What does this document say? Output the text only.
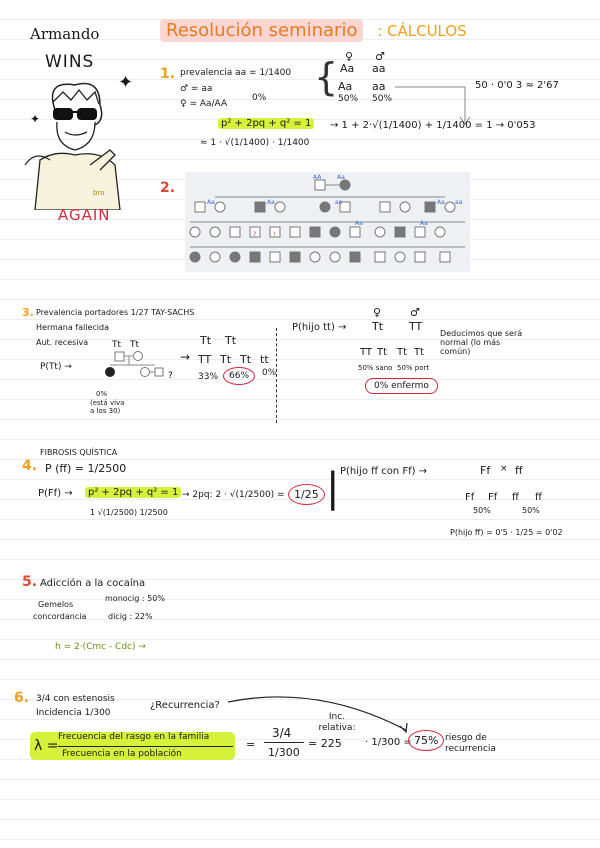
Armando
WINS
bro
✦
✦
AGAIN
Resolución seminario : CÁLCULOS
1. prevalencia aa = 1/1400
♂ = aa
♀ = Aa/AA
0% { ♀ ♂
Aa aa
Aa aa
50% 50%
50 · 0'0 3 ≈ 2'67
p² + 2pq + q² = 1	→ 1 + 2·√(1/1400) + 1/1400 = 1 → 0'053
≈ 1 · √(1/1400) · 1/1400
2.
AA	Aa
Aa	Aa	aa	Aa aa
?	!
Aa	Aa
3. Prevalencia portadores 1/27 TAY-SACHS
Hermana fallecida
Aut. recesiva
P(Tt) →
Tt Tt
?
(está viva a los 30)
0%
Tt Tt
→ TT Tt Tt tt
33%	66%	0%
P(hijo tt) →
♀	♂
Tt TT
Deducimos que será normal (lo más común)
TT Tt Tt Tt
50% sano 50% port
0% enfermo
FIBROSIS QUÍSTICA
4. P (ff) = 1/2500
P(Ff) →	p² + 2pq + q² = 1 → 2pq: 2 · √(1/2500) = 1/25
1 √(1/2500) 1/2500
| P(hijo ff con Ff) →	Ff × ff
Ff Ff ff ff
50%	50%
P(hijo ff) = 0'5 · 1/25 = 0'02
5. Adicción a la cocaína
Gemelos
concordancia
monocig : 50%
dicig : 22%
h = 2·(Cmc - Cdc) →
6. 3/4 con estenosis
Incidencia 1/300
¿Recurrencia?
λ =
Frecuencia del rasgo en la familia
Frecuencia en la población
=
3/4
1/300
Inc. relativa:
= 225 · 1/300 = 75% riesgo de recurrencia
